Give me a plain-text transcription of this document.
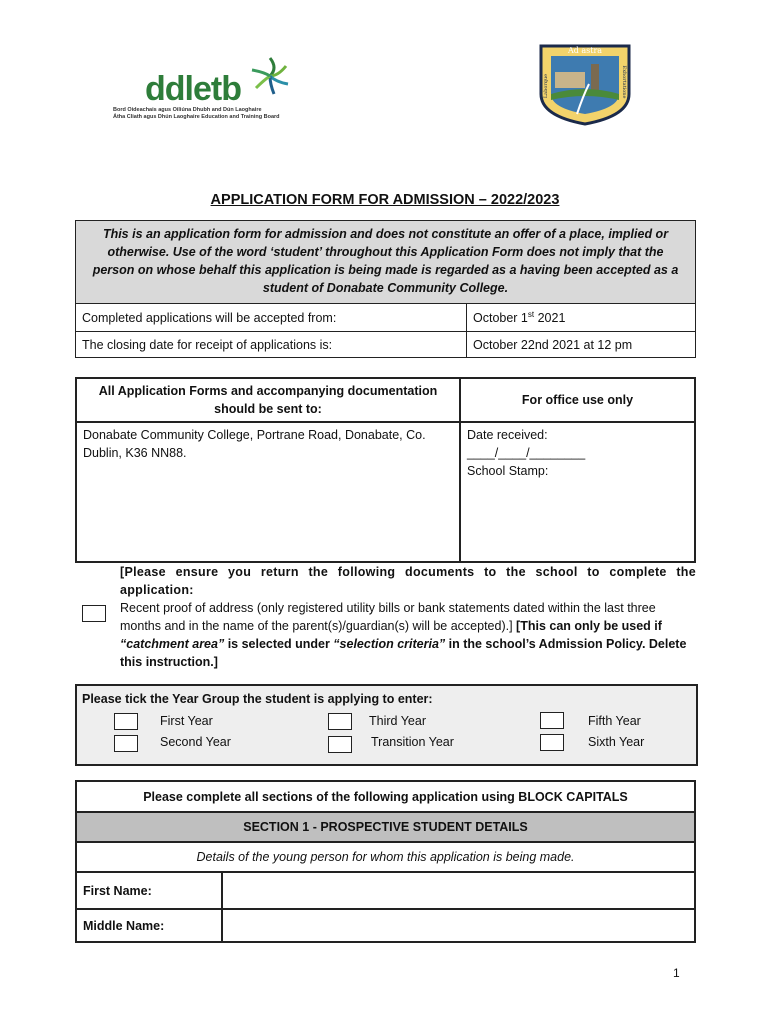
ddletb
Bord Oideachais agus Oiliúna Dhubh and Dún Laoghaire
Átha Cliath agus Dhún Laoghaire Education and Training Board
Ad astra
Laborque	Exhortatione
APPLICATION FORM FOR ADMISSION – 2022/2023
This is an application form for admission and does not constitute an offer of a place, implied or otherwise. Use of the word ‘student’ throughout this Application Form does not imply that the person on whose behalf this application is being made is regarded as a having been accepted as a student of Donabate Community College.	
Completed applications will be accepted from:	October 1st 2021
The closing date for receipt of applications is:	October 22nd 2021 at 12 pm
All Application Forms and accompanying documentation should be sent to:	For office use only
Donabate Community College, Portrane Road, Donabate, Co. Dublin, K36 NN88.	Date received:
____/____/________
School Stamp:
[Please ensure you return the following documents to the school to complete the application:
Recent proof of address (only registered utility bills or bank statements dated within the last three months and in the name of the parent(s)/guardian(s) will be accepted).] [This can only be used if “catchment area” is selected under “selection criteria” in the school’s Admission Policy. Delete this instruction.]
Please tick the Year Group the student is applying to enter:
First Year
Second Year
Third Year
Transition Year
Fifth Year
Sixth Year
Please complete all sections of the following application using BLOCK CAPITALS	
SECTION 1 - PROSPECTIVE STUDENT DETAILS	
Details of the young person for whom this application is being made.	
First Name:	
Middle Name:	
1
